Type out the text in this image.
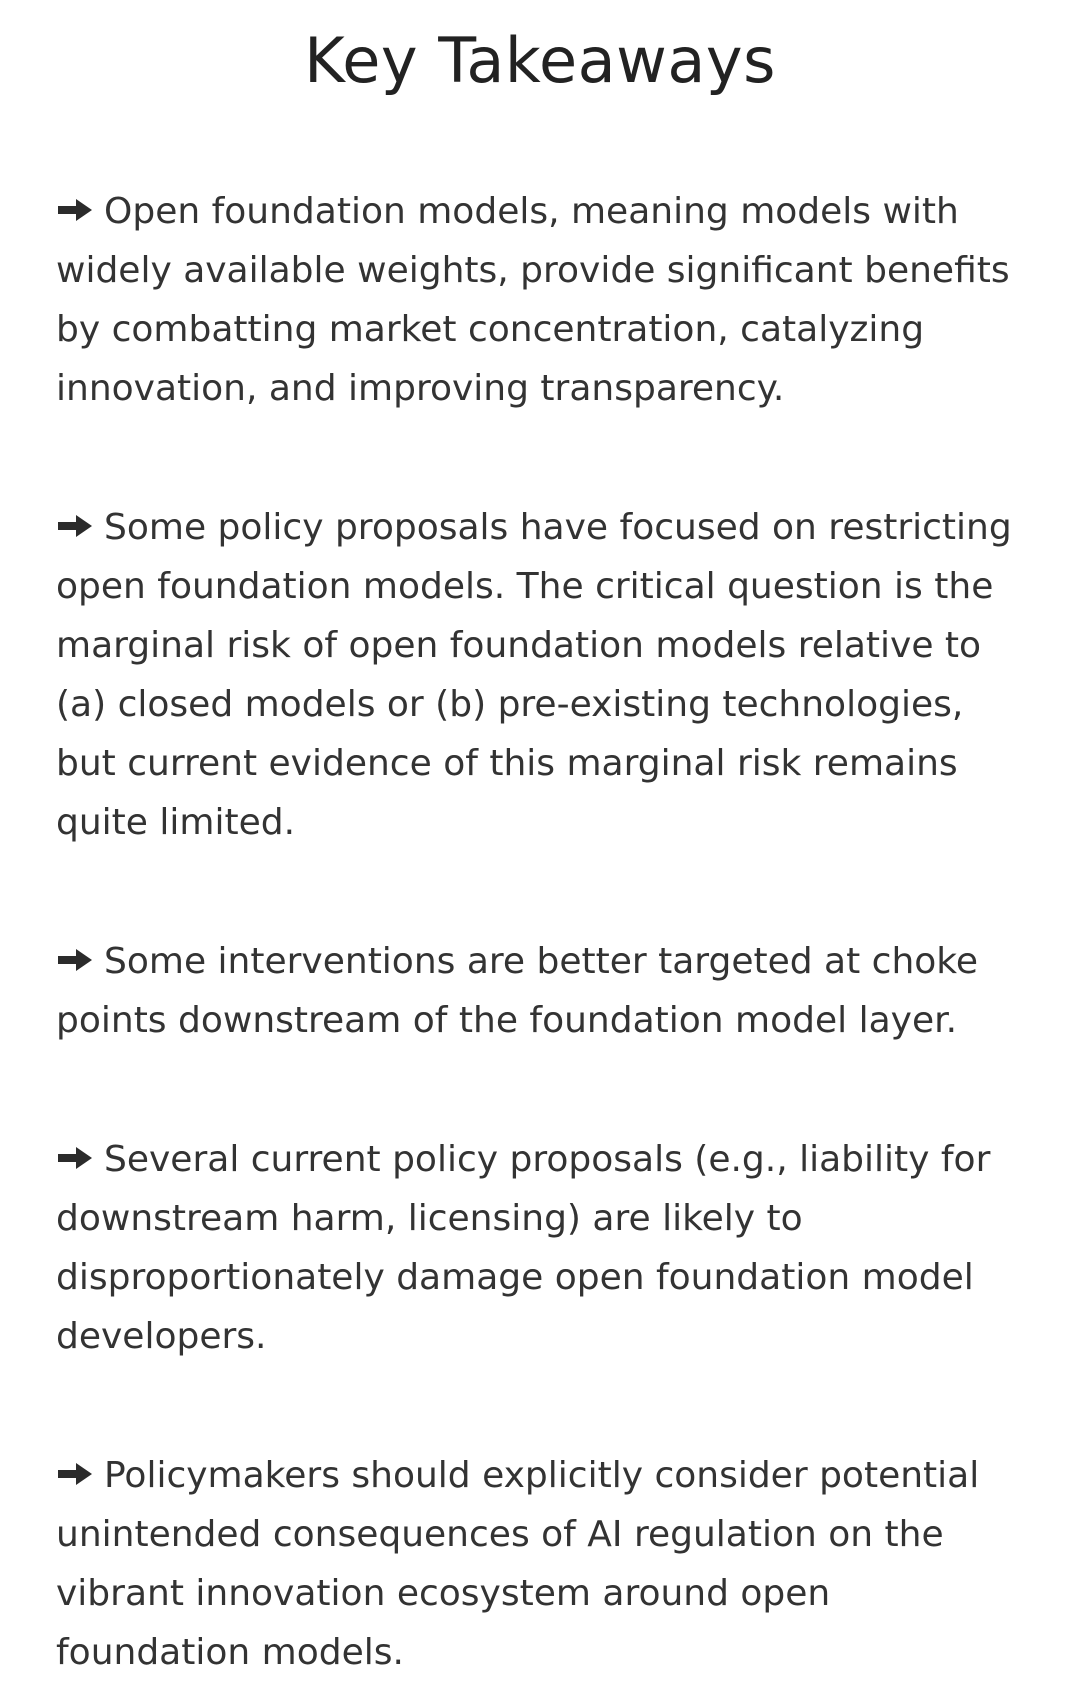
Key Takeaways
Open foundation models, meaning models with widely available weights, provide significant benefits by combatting market concentration, catalyzing innovation, and improving transparency.
Some policy proposals have focused on restricting open foundation models. The critical question is the marginal risk of open foundation models relative to (a) closed models or (b) pre-existing technologies, but current evidence of this marginal risk remains quite limited.
Some interventions are better targeted at choke points downstream of the foundation model layer.
Several current policy proposals (e.g., liability for downstream harm, licensing) are likely to disproportionately damage open foundation model developers.
Policymakers should explicitly consider potential unintended consequences of AI regulation on the vibrant innovation ecosystem around open foundation models.
